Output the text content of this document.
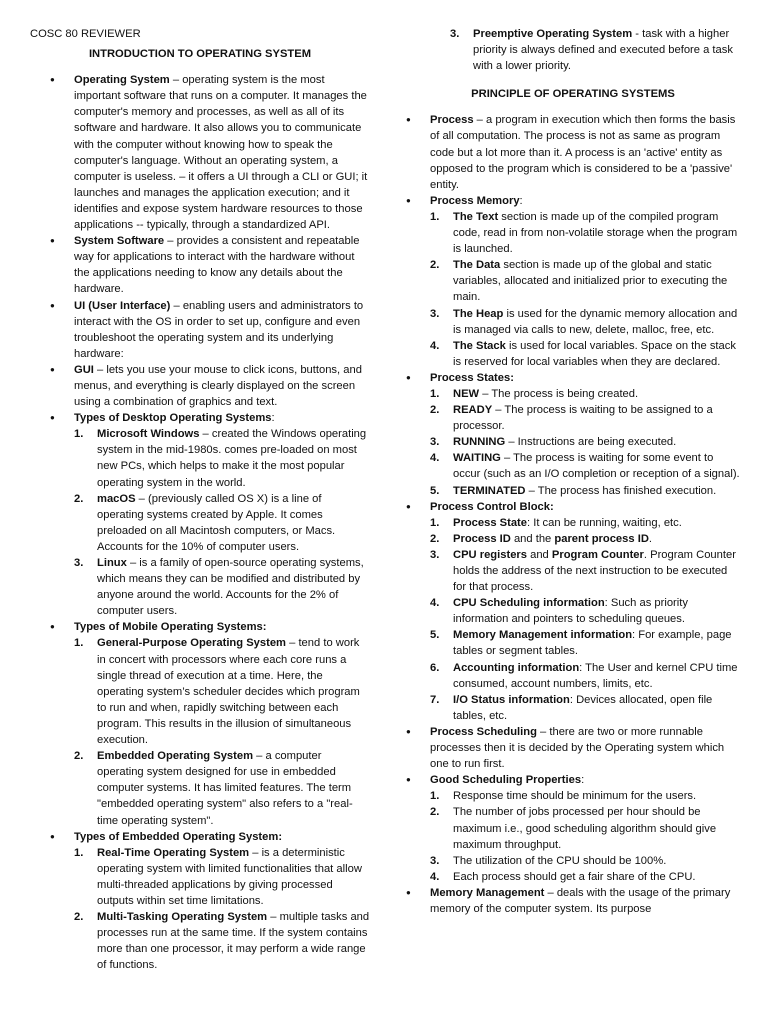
COSC 80 REVIEWER

INTRODUCTION TO OPERATING SYSTEM

● Operating System – operating system is the most important software that runs on a computer. It manages the computer's memory and processes, as well as all of its software and hardware. It also allows you to communicate with the computer without knowing how to speak the computer's language. Without an operating system, a computer is useless. – it offers a UI through a CLI or GUI; it launches and manages the application execution; and it identifies and expose system hardware resources to those applications -- typically, through a standardized API.
● System Software – provides a consistent and repeatable way for applications to interact with the hardware without the applications needing to know any details about the hardware.
● UI (User Interface) – enabling users and administrators to interact with the OS in order to set up, configure and even troubleshoot the operating system and its underlying hardware:
● GUI – lets you use your mouse to click icons, buttons, and menus, and everything is clearly displayed on the screen using a combination of graphics and text.
● Types of Desktop Operating Systems:
1. Microsoft Windows – created the Windows operating system in the mid-1980s. comes pre-loaded on most new PCs, which helps to make it the most popular operating system in the world.
2. macOS – (previously called OS X) is a line of operating systems created by Apple. It comes preloaded on all Macintosh computers, or Macs. Accounts for the 10% of computer users.
3. Linux – is a family of open-source operating systems, which means they can be modified and distributed by anyone around the world. Accounts for the 2% of computer users.
● Types of Mobile Operating Systems:
1. General-Purpose Operating System – tend to work in concert with processors where each core runs a single thread of execution at a time. Here, the operating system’s scheduler decides which program to run and when, rapidly switching between each program. This results in the illusion of simultaneous execution.
2. Embedded Operating System – a computer operating system designed for use in embedded computer systems. It has limited features. The term "embedded operating system" also refers to a "real-time operating system".
● Types of Embedded Operating System:
1. Real-Time Operating System – is a deterministic operating system with limited functionalities that allow multi-threaded applications by giving processed outputs within set time limitations.
2. Multi-Tasking Operating System – multiple tasks and processes run at the same time. If the system contains more than one processor, it may perform a wide range of functions.
3. Preemptive Operating System - task with a higher priority is always defined and executed before a task with a lower priority.

PRINCIPLE OF OPERATING SYSTEMS

● Process – a program in execution which then forms the basis of all computation. The process is not as same as program code but a lot more than it. A process is an 'active' entity as opposed to the program which is considered to be a 'passive' entity.
● Process Memory:
1. The Text section is made up of the compiled program code, read in from non-volatile storage when the program is launched.
2. The Data section is made up of the global and static variables, allocated and initialized prior to executing the main.
3. The Heap is used for the dynamic memory allocation and is managed via calls to new, delete, malloc, free, etc.
4. The Stack is used for local variables. Space on the stack is reserved for local variables when they are declared.
● Process States:
1. NEW – The process is being created.
2. READY – The process is waiting to be assigned to a processor.
3. RUNNING – Instructions are being executed.
4. WAITING – The process is waiting for some event to occur (such as an I/O completion or reception of a signal).
5. TERMINATED – The process has finished execution.
● Process Control Block:
1. Process State: It can be running, waiting, etc.
2. Process ID and the parent process ID.
3. CPU registers and Program Counter. Program Counter holds the address of the next instruction to be executed for that process.
4. CPU Scheduling information: Such as priority information and pointers to scheduling queues.
5. Memory Management information: For example, page tables or segment tables.
6. Accounting information: The User and kernel CPU time consumed, account numbers, limits, etc.
7. I/O Status information: Devices allocated, open file tables, etc.
● Process Scheduling – there are two or more runnable processes then it is decided by the Operating system which one to run first.
● Good Scheduling Properties:
1. Response time should be minimum for the users.
2. The number of jobs processed per hour should be maximum i.e., good scheduling algorithm should give maximum throughput.
3. The utilization of the CPU should be 100%.
4. Each process should get a fair share of the CPU.
● Memory Management – deals with the usage of the primary memory of the computer system. Its purpose
